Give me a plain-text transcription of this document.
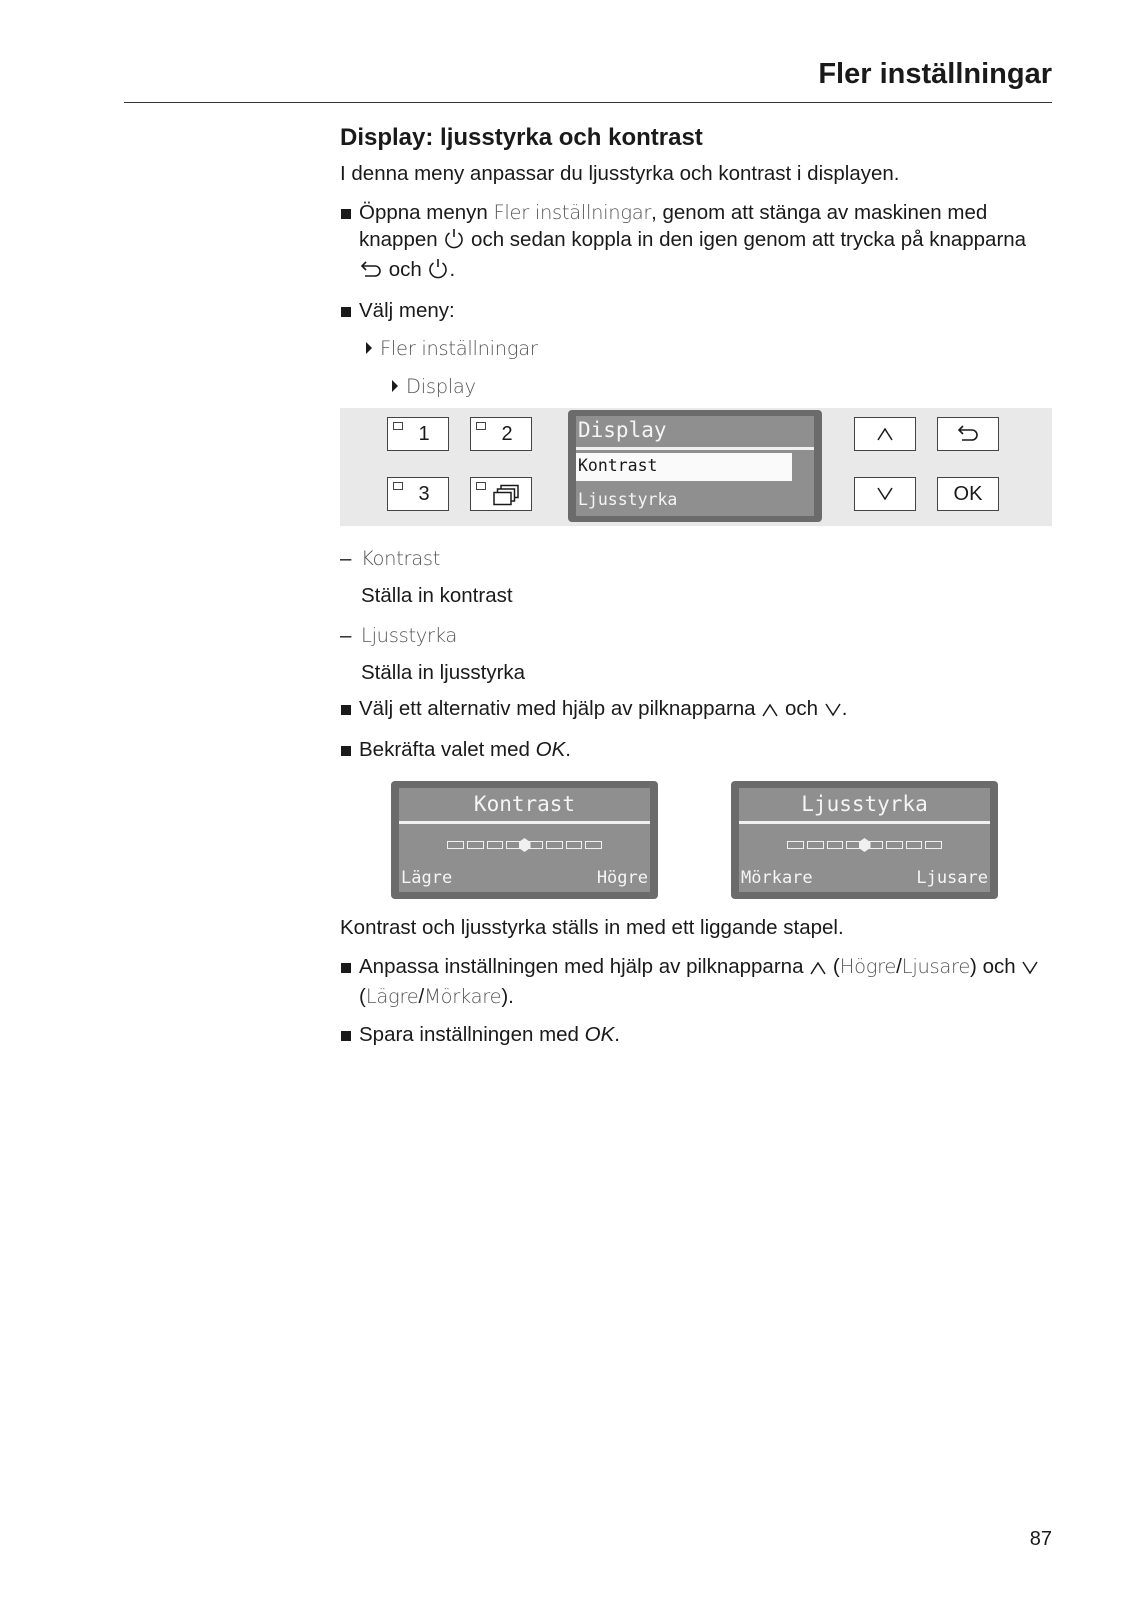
Fler inställningar
Display: ljusstyrka och kontrast

I denna meny anpassar du ljusstyrka och kontrast i displayen.

Öppna menyn Fler inställningar, genom att stänga av maskinen med knappen  och sedan koppla in den igen genom att trycka på knapparna  och .
Välj meny:
Fler inställningar
Display
1	2
3
Display
Kontrast
Ljusstyrka	OK
– Kontrast
Ställa in kontrast
– Ljusstyrka
Ställa in ljusstyrka
Välj ett alternativ med hjälp av pilknapparna  och .
Bekräfta valet med OK.
Kontrast
Lägre	Högre
Ljusstyrka
Mörkare	Ljusare

Kontrast och ljusstyrka ställs in med ett liggande stapel.

Anpassa inställningen med hjälp av pilknapparna  (Högre/Ljusare) och  (Lägre/Mörkare).
Spara inställningen med OK.
87
